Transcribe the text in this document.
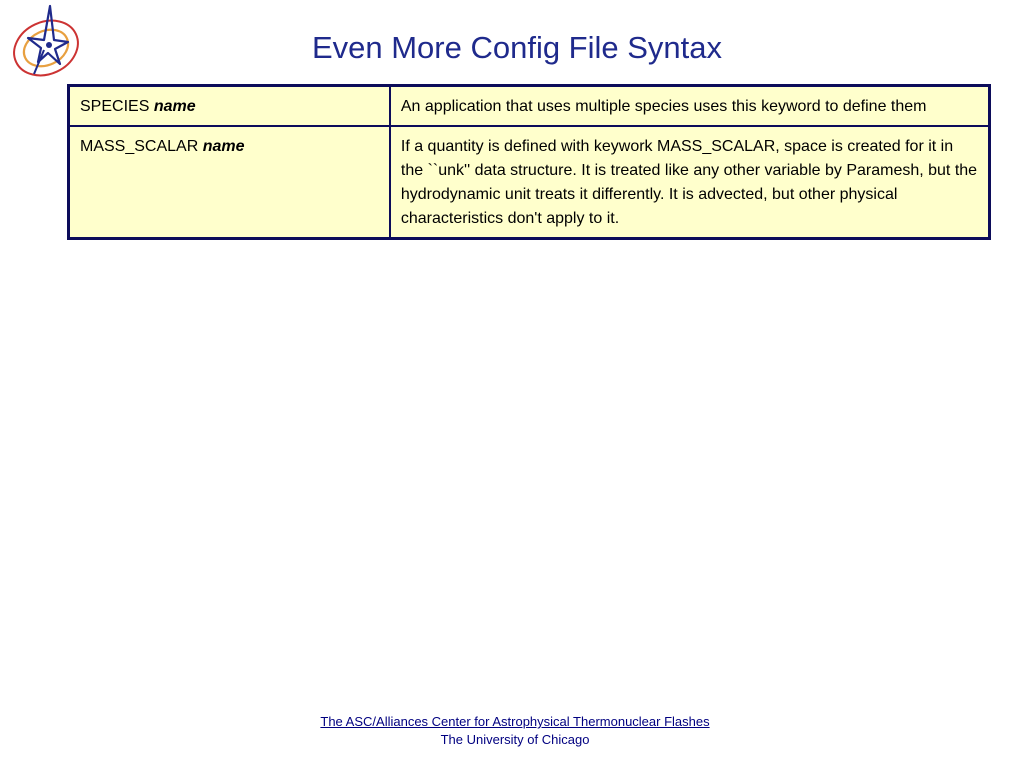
Even More Config File Syntax
SPECIES name	An application that uses multiple species uses this keyword to define them
MASS_SCALAR name	If a quantity is defined with keywork MASS_SCALAR, space is created for it in the ``unk'' data structure. It is treated like any other variable by Paramesh, but the hydrodynamic unit treats it differently. It is advected, but other physical characteristics don't apply to it.
The ASC/Alliances Center for Astrophysical Thermonuclear Flashes
The University of Chicago
